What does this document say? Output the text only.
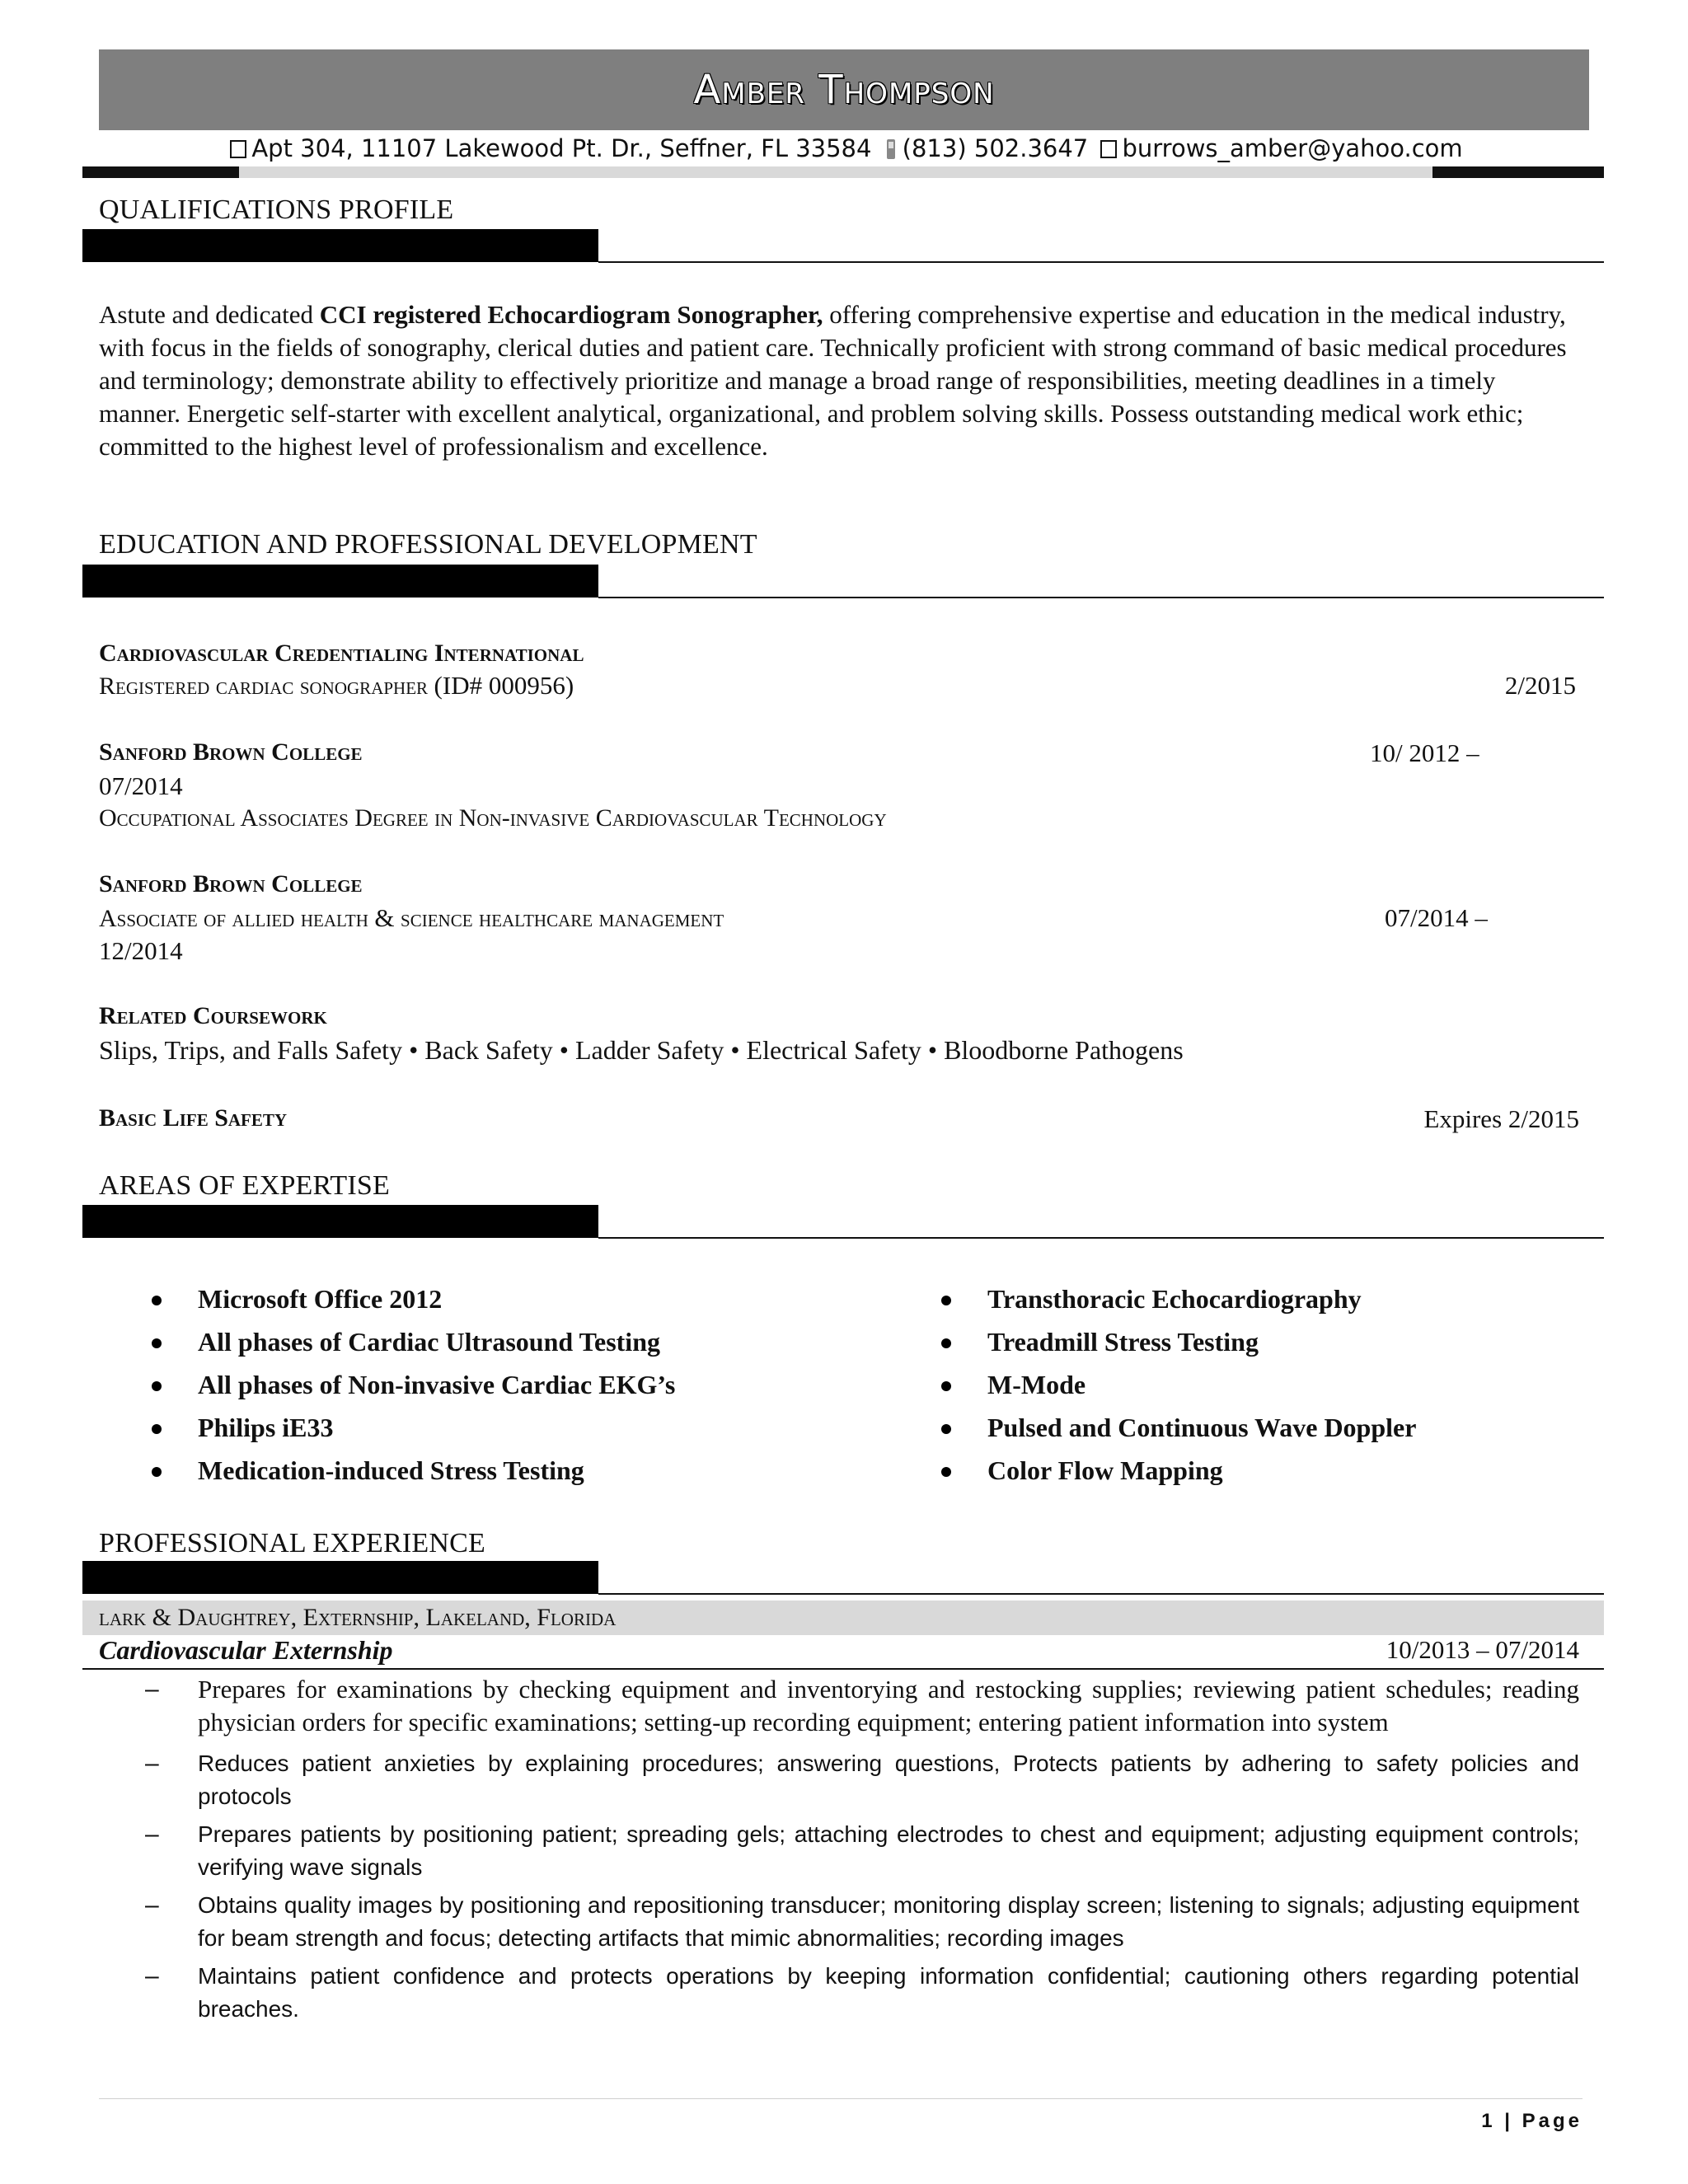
Amber Thompson
Apt 304, 11107 Lakewood Pt. Dr., Seffner, FL 33584 (813) 502.3647 burrows_amber@yahoo.com
QUALIFICATIONS PROFILE
Astute and dedicated CCI registered Echocardiogram Sonographer, offering comprehensive expertise and education in the medical industry, with focus in the fields of sonography, clerical duties and patient care. Technically proficient with strong command of basic medical procedures and terminology; demonstrate ability to effectively prioritize and manage a broad range of responsibilities, meeting deadlines in a timely manner. Energetic self-starter with excellent analytical, organizational, and problem solving skills. Possess outstanding medical work ethic; committed to the highest level of professionalism and excellence.
EDUCATION AND PROFESSIONAL DEVELOPMENT
Cardiovascular Credentialing International
Registered cardiac sonographer (ID# 000956)	2/2015
Sanford Brown College	10/ 2012 –
07/2014
Occupational Associates Degree in Non-invasive Cardiovascular Technology
Sanford Brown College
Associate of allied health & science healthcare management	07/2014 –
12/2014
Related Coursework
Slips, Trips, and Falls Safety • Back Safety • Ladder Safety • Electrical Safety • Bloodborne Pathogens
Basic Life Safety	Expires 2/2015
AREAS OF EXPERTISE
Microsoft Office 2012
All phases of Cardiac Ultrasound Testing
All phases of Non-invasive Cardiac EKG’s
Philips iE33
Medication-induced Stress Testing
Transthoracic Echocardiography
Treadmill Stress Testing
M-Mode
Pulsed and Continuous Wave Doppler
Color Flow Mapping
PROFESSIONAL EXPERIENCE
lark & Daughtrey, Externship, Lakeland, Florida
Cardiovascular Externship	10/2013 – 07/2014
– Prepares for examinations by checking equipment and inventorying and restocking supplies; reviewing patient schedules; reading physician orders for specific examinations; setting-up recording equipment; entering patient information into system
– Reduces patient anxieties by explaining procedures; answering questions, Protects patients by adhering to safety policies and protocols
– Prepares patients by positioning patient; spreading gels; attaching electrodes to chest and equipment; adjusting equipment controls; verifying wave signals
– Obtains quality images by positioning and repositioning transducer; monitoring display screen; listening to signals; adjusting equipment for beam strength and focus; detecting artifacts that mimic abnormalities; recording images
– Maintains patient confidence and protects operations by keeping information confidential; cautioning others regarding potential breaches.
1 | Page
